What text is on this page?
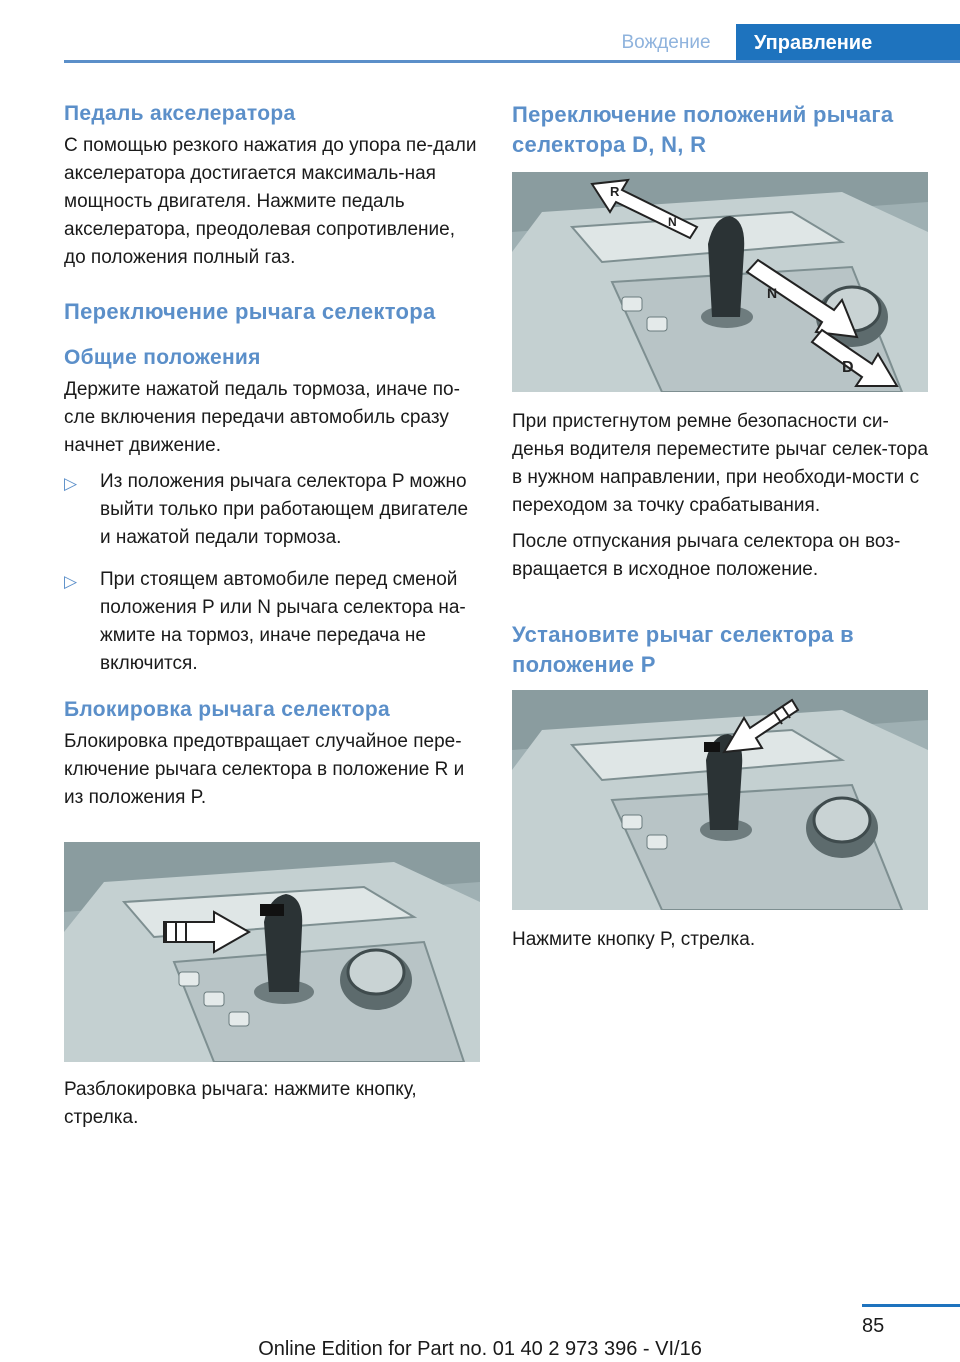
Вождение	Управление
Педаль акселератора

С помощью резкого нажатия до упора пе-дали акселератора достигается максималь-ная мощность двигателя. Нажмите педаль акселератора, преодолевая сопротивление, до положения полный газ.

Переключение рычага селектора
Общие положения

Держите нажатой педаль тормоза, иначе по-сле включения передачи автомобиль сразу начнет движение.

▷ Из положения рычага селектора P можно выйти только при работающем двигателе и нажатой педали тормоза.
▷ При стоящем автомобиле перед сменой положения P или N рычага селектора на-жмите на тормоз, иначе передача не включится.
Блокировка рычага селектора

Блокировка предотвращает случайное пере-ключение рычага селектора в положение R и из положения P.

Разблокировка рычага: нажмите кнопку, стрелка.

Переключение положений рычага селектора D, N, R
R
N
N
D

При пристегнутом ремне безопасности си-денья водителя переместите рычаг селек-тора в нужном направлении, при необходи-мости с переходом за точку срабатывания.

После отпускания рычага селектора он воз-вращается в исходное положение.

Установите рычаг селектора в положение P

Нажмите кнопку P, стрелка.

85
Online Edition for Part no. 01 40 2 973 396 - VI/16
